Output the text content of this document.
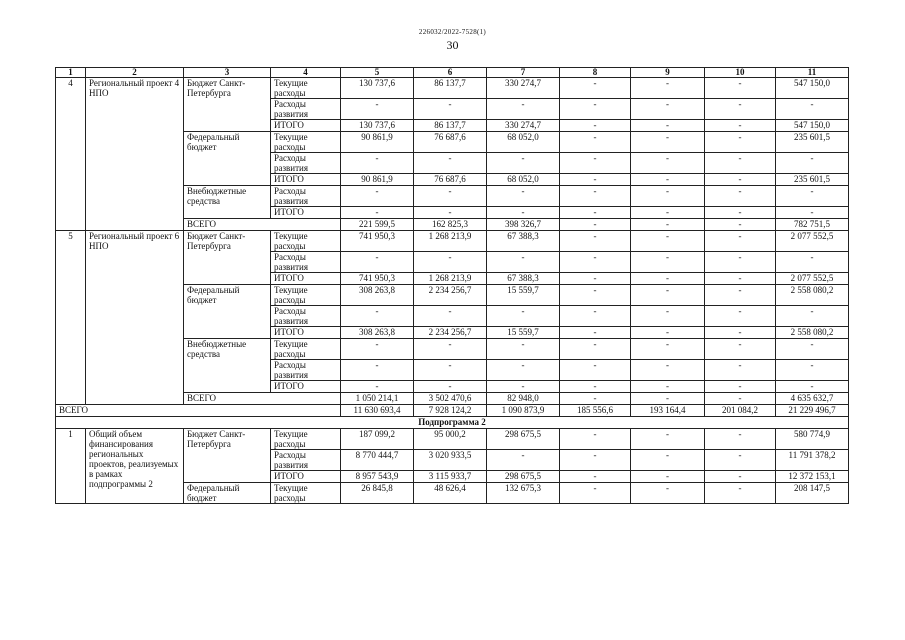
226032/2022-7528(1)
30
1	2	3	4	5	6	7	8	9	10	11
4	Региональный проект 4 НПО	Бюджет Санкт-Петербурга	Текущие расходы	130 737,6	86 137,7	330 274,7	-	-	-	547 150,0
			Расходы развития	-	-	-	-	-	-	-
			ИТОГО	130 737,6	86 137,7	330 274,7	-	-	-	547 150,0
		Федеральный бюджет	Текущие расходы	90 861,9	76 687,6	68 052,0	-	-	-	235 601,5
			Расходы развития	-	-	-	-	-	-	-
			ИТОГО	90 861,9	76 687,6	68 052,0	-	-	-	235 601,5
		Внебюджетные средства	Расходы развития	-	-	-	-	-	-	-
			ИТОГО	-	-	-	-	-	-	-
		ВСЕГО		221 599,5	162 825,3	398 326,7	-	-	-	782 751,5
5	Региональный проект 6 НПО	Бюджет Санкт-Петербурга	Текущие расходы	741 950,3	1 268 213,9	67 388,3	-	-	-	2 077 552,5
			Расходы развития	-	-	-	-	-	-	-
			ИТОГО	741 950,3	1 268 213,9	67 388,3	-	-	-	2 077 552,5
		Федеральный бюджет	Текущие расходы	308 263,8	2 234 256,7	15 559,7	-	-	-	2 558 080,2
			Расходы развития	-	-	-	-	-	-	-
			ИТОГО	308 263,8	2 234 256,7	15 559,7	-	-	-	2 558 080,2
		Внебюджетные средства	Текущие расходы	-	-	-	-	-	-	-
			Расходы развития	-	-	-	-	-	-	-
			ИТОГО	-	-	-	-	-	-	-
		ВСЕГО		1 050 214,1	3 502 470,6	82 948,0	-	-	-	4 635 632,7
ВСЕГО				11 630 693,4	7 928 124,2	1 090 873,9	185 556,6	193 164,4	201 084,2	21 229 496,7
Подпрограмма 2										
1	Общий объем финансирования региональных проектов, реализуемых в рамках подпрограммы 2	Бюджет Санкт-Петербурга	Текущие расходы	187 099,2	95 000,2	298 675,5	-	-	-	580 774,9
			Расходы развития	8 770 444,7	3 020 933,5	-	-	-	-	11 791 378,2
			ИТОГО	8 957 543,9	3 115 933,7	298 675,5	-	-	-	12 372 153,1
		Федеральный бюджет	Текущие расходы	26 845,8	48 626,4	132 675,3	-	-	-	208 147,5
